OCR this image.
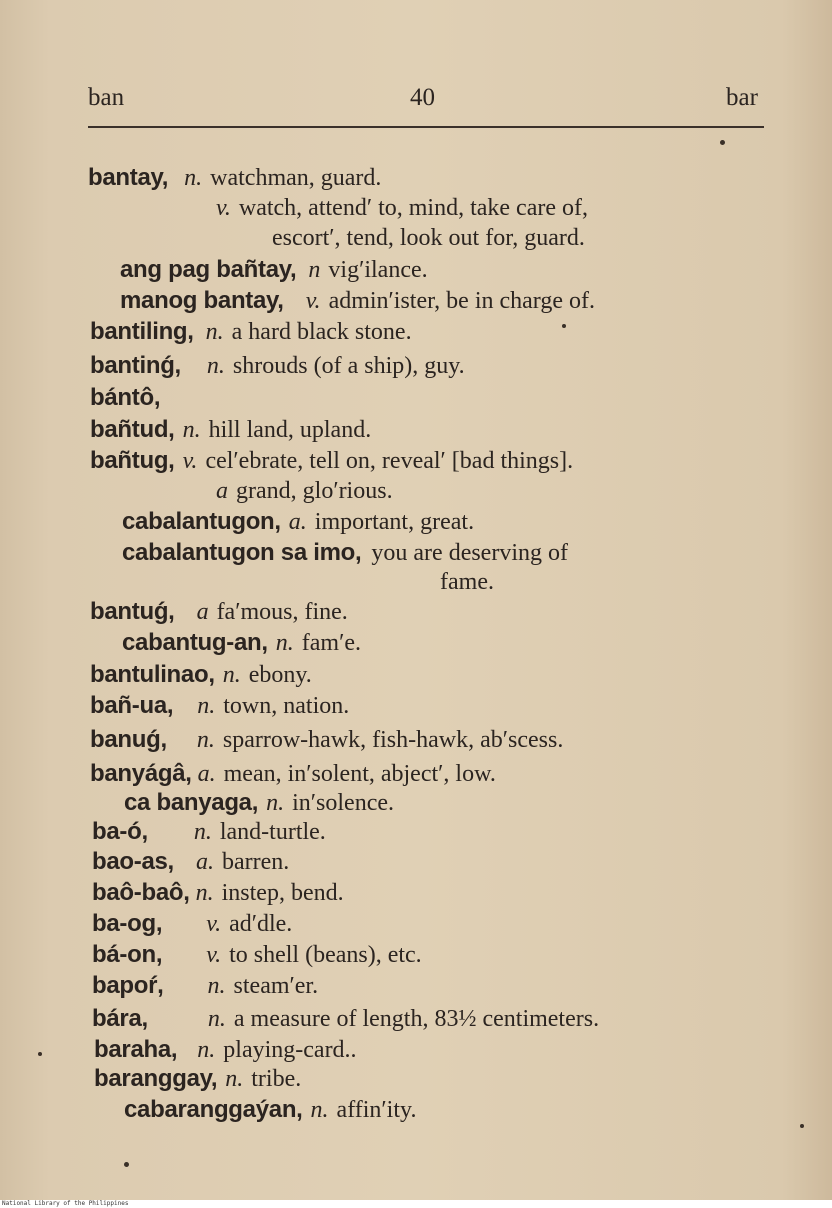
ban	40	bar
bantay, n. watchman, guard.
v. watch, attend′ to, mind, take care of,
escort′, tend, look out for, guard.
ang pag bañtay, n vig′ilance.
manog bantay, v. admin′ister, be in charge of.
bantiling, n. a hard black stone.
bantinǵ, n. shrouds (of a ship), guy.
bántô,
bañtud, n. hill land, upland.
bañtug, v. cel′ebrate, tell on, reveal′ [bad things].
a grand, glo′rious.
cabalantugon, a. important, great.
cabalantugon sa imo, you are deserving of
fame.
bantuǵ, a fa′mous, fine.
cabantug-an, n. fam′e.
bantulinao, n. ebony.
bañ-ua, n. town, nation.
banuǵ, n. sparrow-hawk, fish-hawk, ab′scess.
banyágâ, a. mean, in′solent, abject′, low.
ca banyaga, n. in′solence.
ba-ó, n. land-turtle.
bao-as, a. barren.
baô-baô, n. instep, bend.
ba-og, v. ad′dle.
bá-on, v. to shell (beans), etc.
bapoŕ, n. steam′er.
bára,	n. a measure of length, 83½ centimeters.
baraha, n. playing-card..
baranggay, n. tribe.
cabaranggaýan, n. affin′ity.
National Library of the Philippines
